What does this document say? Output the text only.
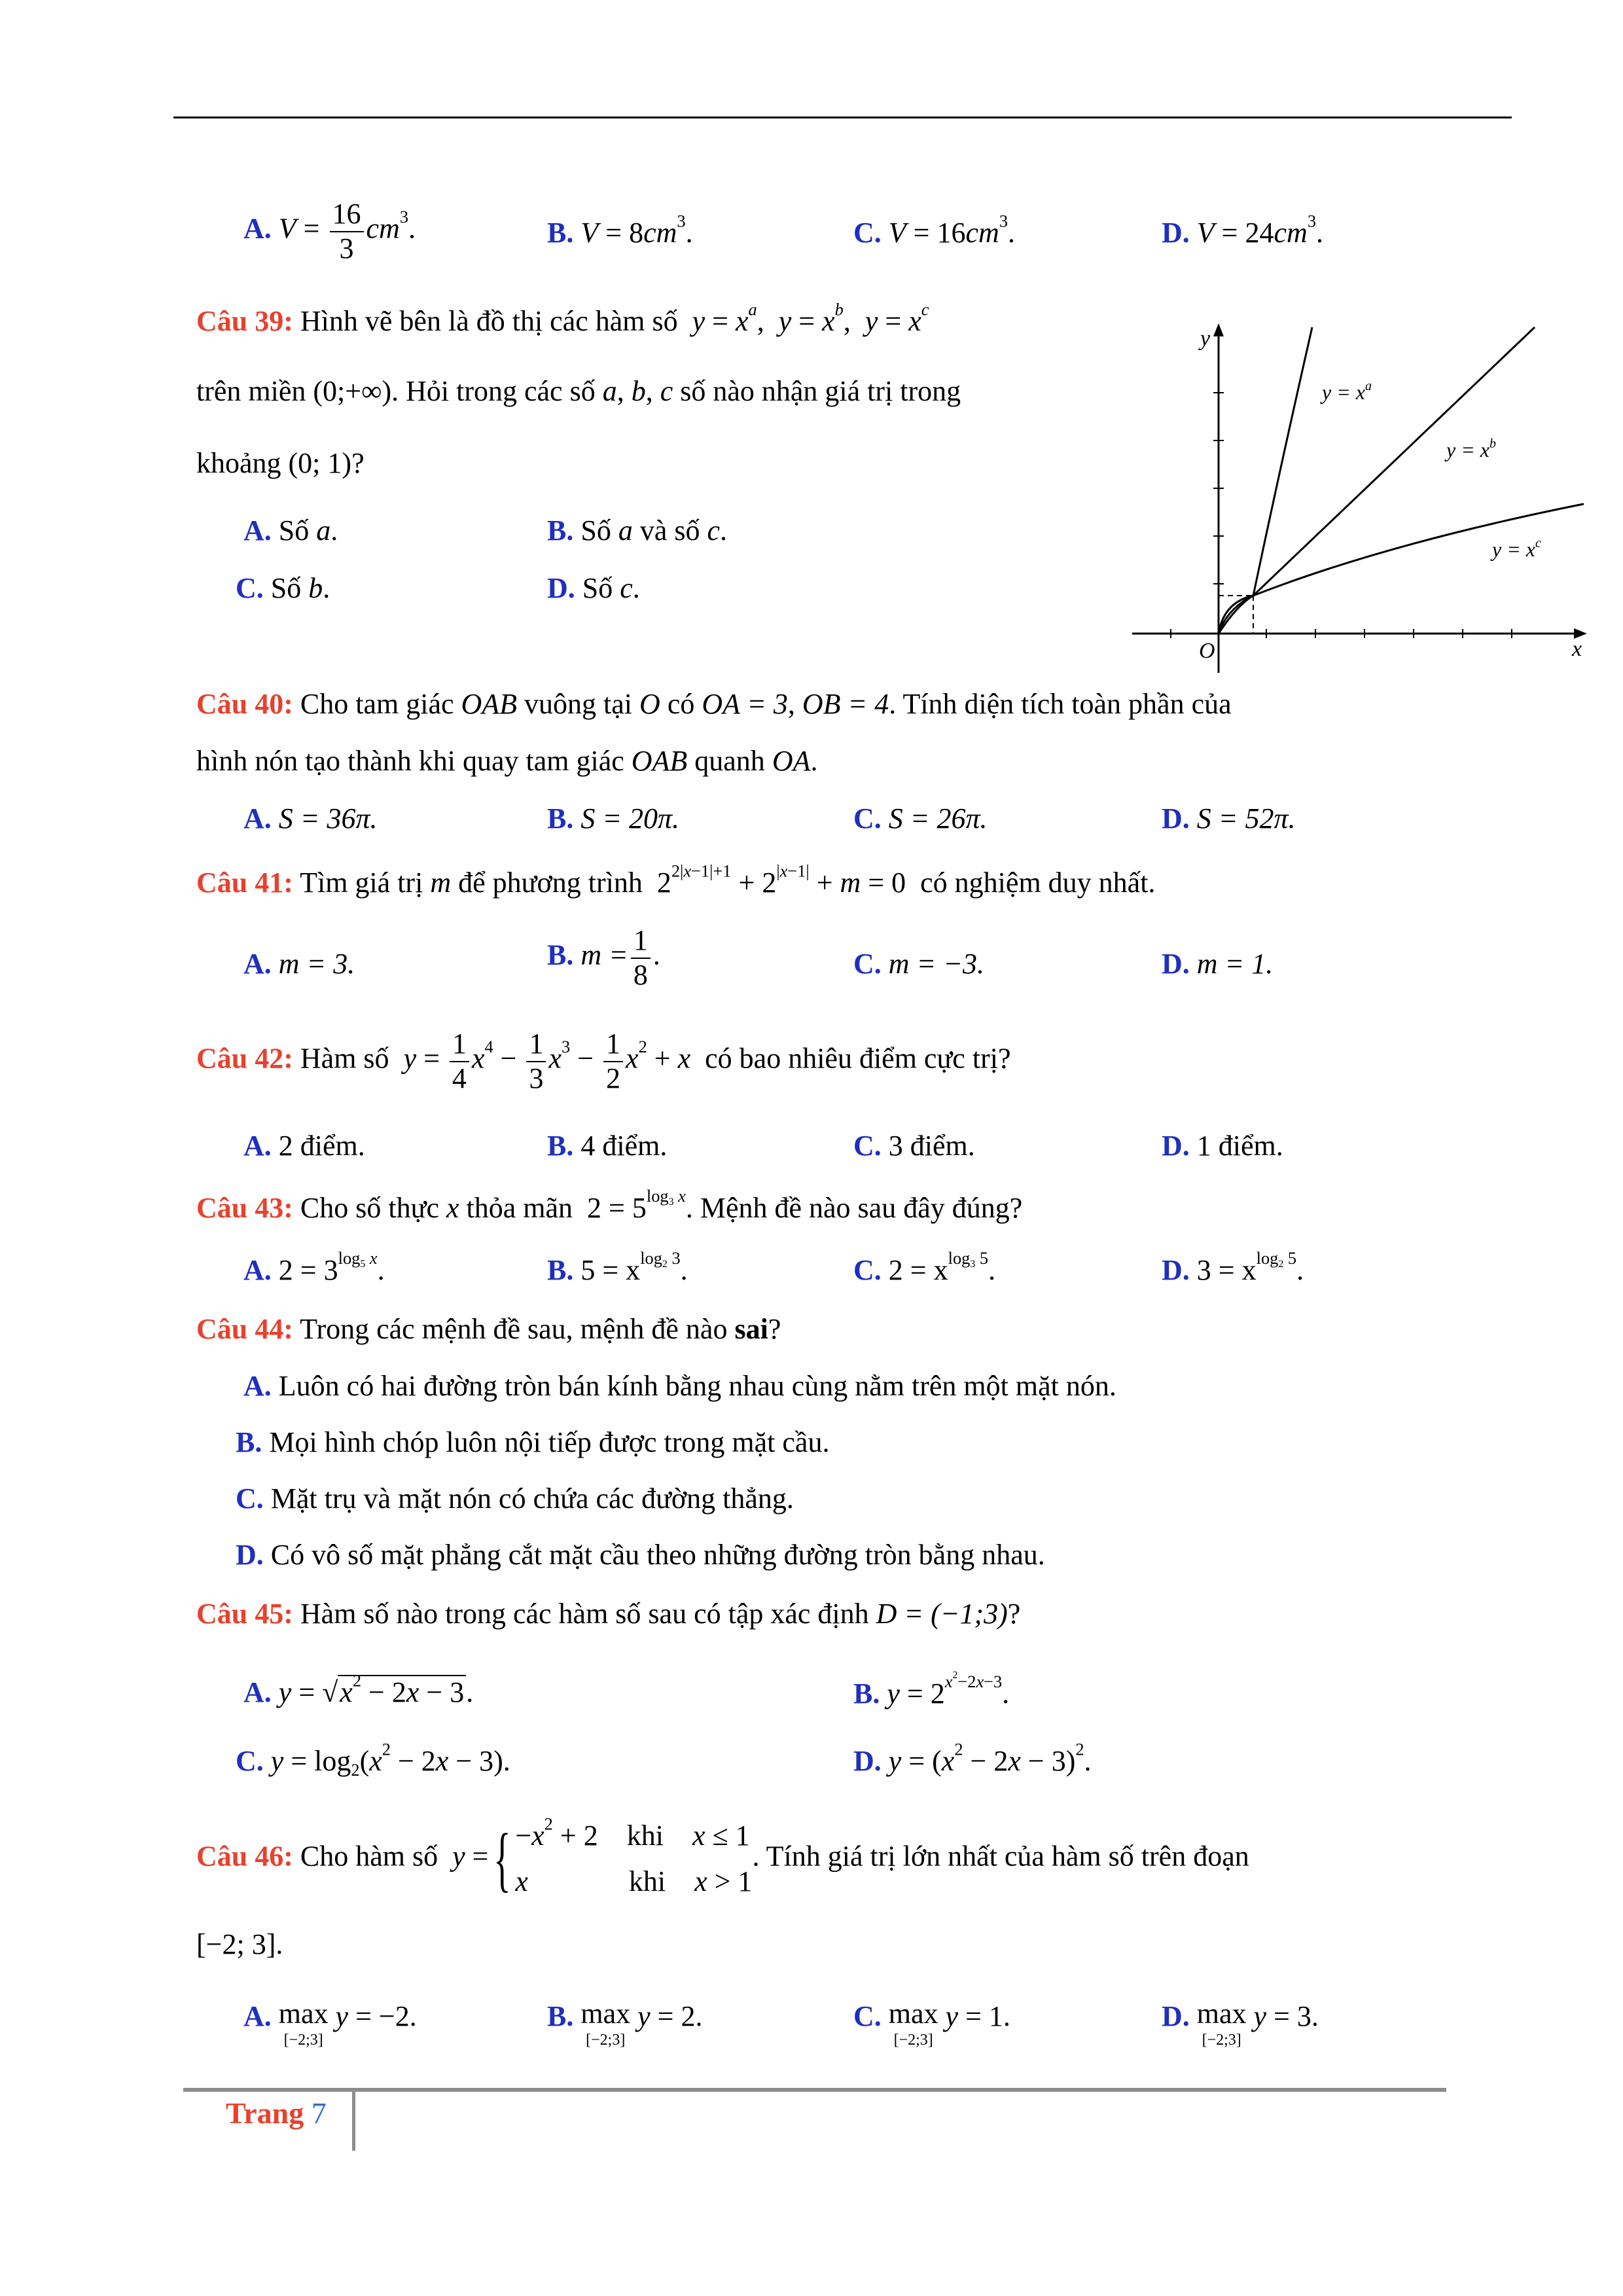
A. $V = \frac{16}{3} cm^3$.	B. $V = 8cm^3$.	C. $V = 16cm^3$.	D. $V = 24cm^3$.
Câu 39: Hình vẽ bên là đồ thị các hàm số $y = x^a$,  $y = x^b$,  $y = x^c$
trên miền (0;+∞). Hỏi trong các số a, b, c số nào nhận giá trị trong
khoảng (0; 1)?
A. Số a.	B. Số a và số c.
C. Số b.	D. Số c.
y
x
O
$y = x^a$
$y = x^b$
$y = x^c$
Câu 40: Cho tam giác OAB vuông tại O có OA = 3, OB = 4. Tính diện tích toàn phần của
hình nón tạo thành khi quay tam giác OAB quanh OA.
A. S = 36π.	B. S = 20π.	C. S = 26π.	D. S = 52π.
Câu 41: Tìm giá trị m để phương trình  $2^{2|x-1|+1} + 2^{|x-1|} + m = 0$  có nghiệm duy nhất.
A. m = 3.	B. $m = \frac{1}{8}$ .	C. m = −3.	D. m = 1.
Câu 42: Hàm số $y = \frac{1}{4} x^4 - \frac{1}{3} x^3 - \frac{1}{2} x^2 + x$ có bao nhiêu điểm cực trị?
A. 2 điểm.	B. 4 điểm.	C. 3 điểm.	D. 1 điểm.
Câu 43: Cho số thực x thỏa mãn  $2 = 5^{log_3 x}$. Mệnh đề nào sau đây đúng?
A. $2 = 3^{log_5 x}$.	B. $5 = x^{log_2 3}$.	C. $2 = x^{log_3 5}$.	D. $3 = x^{log_2 5}$.
Câu 44: Trong các mệnh đề sau, mệnh đề nào sai?
A. Luôn có hai đường tròn bán kính bằng nhau cùng nằm trên một mặt nón.
B. Mọi hình chóp luôn nội tiếp được trong mặt cầu.
C. Mặt trụ và mặt nón có chứa các đường thẳng.
D. Có vô số mặt phẳng cắt mặt cầu theo những đường tròn bằng nhau.
Câu 45: Hàm số nào trong các hàm số sau có tập xác định D = (−1;3)?
A. $y = √x^2 - 2x - 3$.	B. $y = 2^{x^2-2x-3}$.
C. $y = \log_2(x^2 - 2x - 3)$.	D. $y = (x^2 - 2x - 3)^2$.
Câu 46: Cho hàm số y ={ $-x^2 + 2$    khi x ≤ 1
x	khi x > 1. Tính giá trị lớn nhất của hàm số trên đoạn
[−2; 3].
A. max
[−2;3]
y = −2.	B. max
[−2;3]
y = 2.	C. max
[−2;3]
y = 1.	D. max
[−2;3]
y = 3.
Trang 7
